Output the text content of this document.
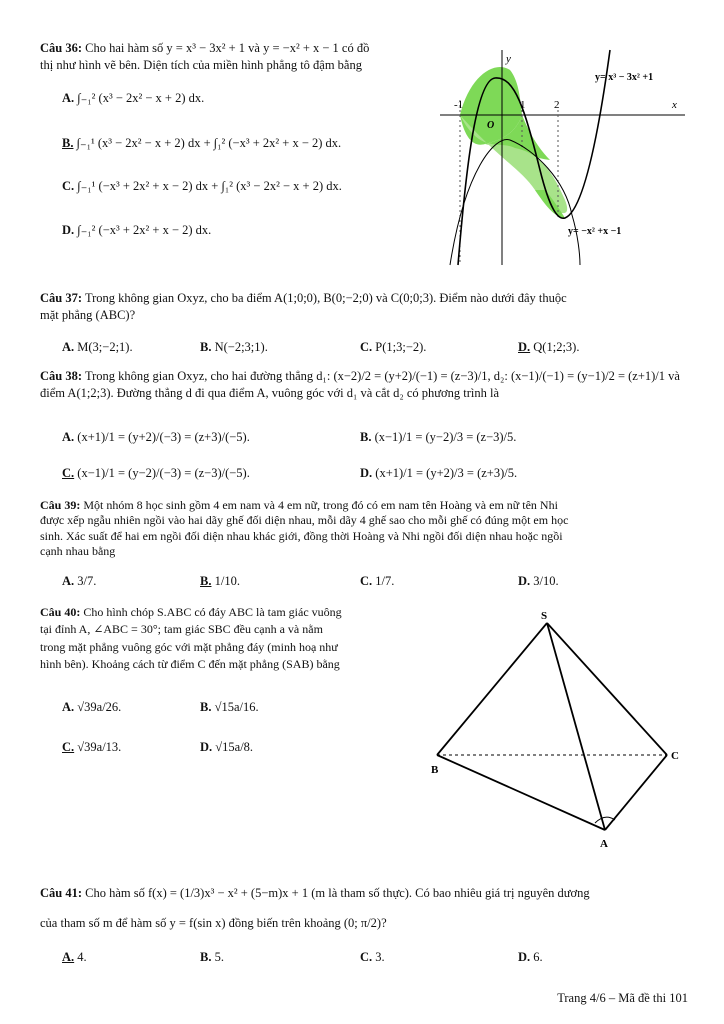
Câu 36: Cho hai hàm số y = x³ − 3x² + 1 và y = −x² + x − 1 có đồ
thị như hình vẽ bên. Diện tích của miền hình phẳng tô đậm bằng
A. ∫₋₁² (x³ − 2x² − x + 2) dx.
B. ∫₋₁¹ (x³ − 2x² − x + 2) dx + ∫₁² (−x³ + 2x² + x − 2) dx.
C. ∫₋₁¹ (−x³ + 2x² + x − 2) dx + ∫₁² (x³ − 2x² − x + 2) dx.
D. ∫₋₁² (−x³ + 2x² + x − 2) dx.
y
x
O
-1	1	2
y= x³ − 3x² +1
y= −x² +x −1
Câu 37: Trong không gian Oxyz, cho ba điểm A(1;0;0), B(0;−2;0) và C(0;0;3). Điểm nào dưới đây thuộc
mặt phẳng (ABC)?
A. M(3;−2;1).	B. N(−2;3;1).	C. P(1;3;−2).	D. Q(1;2;3).
Câu 38: Trong không gian Oxyz, cho hai đường thẳng d₁: (x−2)/2 = (y+2)/(−1) = (z−3)/1, d₂: (x−1)/(−1) = (y−1)/2 = (z+1)/1 và
điểm A(1;2;3). Đường thẳng d đi qua điểm A, vuông góc với d₁ và cắt d₂ có phương trình là
A. (x+1)/1 = (y+2)/(−3) = (z+3)/(−5).	B. (x−1)/1 = (y−2)/3 = (z−3)/5.
C. (x−1)/1 = (y−2)/(−3) = (z−3)/(−5).	D. (x+1)/1 = (y+2)/3 = (z+3)/5.
Câu 39: Một nhóm 8 học sinh gồm 4 em nam và 4 em nữ, trong đó có em nam tên Hoàng và em nữ tên Nhi
được xếp ngẫu nhiên ngồi vào hai dãy ghế đối diện nhau, mỗi dãy 4 ghế sao cho mỗi ghế có đúng một em học
sinh. Xác suất để hai em ngồi đối diện nhau khác giới, đồng thời Hoàng và Nhi ngồi đối diện nhau hoặc ngồi
cạnh nhau bằng
A. 3/7.	B. 1/10.	C. 1/7.	D. 3/10.
Câu 40: Cho hình chóp S.ABC có đáy ABC là tam giác vuông
tại đỉnh A, ∠ABC = 30°; tam giác SBC đều cạnh a và nằm
trong mặt phẳng vuông góc với mặt phẳng đáy (minh hoạ như
hình bên). Khoảng cách từ điểm C đến mặt phẳng (SAB) bằng
A. √39a/26.	B. √15a/16.
C. √39a/13.	D. √15a/8.
S
B
C
A
Câu 41: Cho hàm số f(x) = (1/3)x³ − x² + (5−m)x + 1 (m là tham số thực). Có bao nhiêu giá trị nguyên dương
của tham số m để hàm số y = f(sin x) đồng biến trên khoảng (0; π/2)?
A. 4.	B. 5.	C. 3.	D. 6.
Trang 4/6 – Mã đề thi 101
